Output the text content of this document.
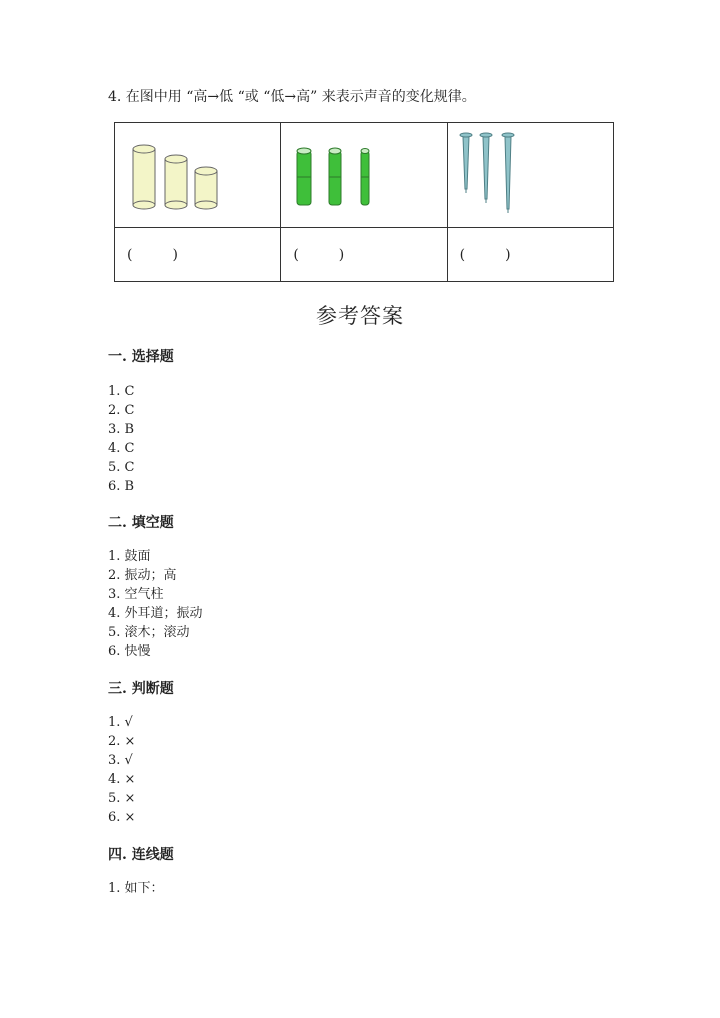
4. 在图中用 “高→低 “或 “低→高” 来表示声音的变化规律。

( )	( )	( )
参考答案
一. 选择题
1. C
2. C
3. B
4. C
5. C
6. B
二. 填空题
1. 鼓面
2. 振动；高
3. 空气柱
4. 外耳道；振动
5. 滚木；滚动
6. 快慢
三. 判断题
1. √
2. ×
3. √
4. ×
5. ×
6. ×
四. 连线题
1. 如下：
